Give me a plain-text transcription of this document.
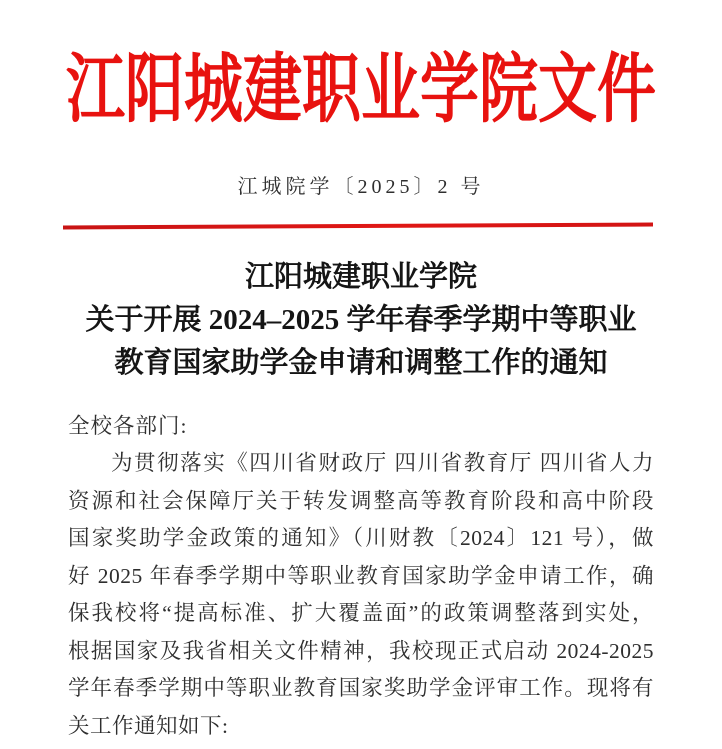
江阳城建职业学院文件
江城院学〔2025〕2 号
江阳城建职业学院
关于开展 2024–2025 学年春季学期中等职业
教育国家助学金申请和调整工作的通知
全校各部门:
为贯彻落实《四川省财政厅 四川省教育厅 四川省人力
资源和社会保障厅关于转发调整高等教育阶段和高中阶段
国家奖助学金政策的通知》（川财教〔2024〕121 号），做
好 2025 年春季学期中等职业教育国家助学金申请工作，确
保我校将“提高标准、扩大覆盖面”的政策调整落到实处，
根据国家及我省相关文件精神，我校现正式启动 2024-2025
学年春季学期中等职业教育国家奖助学金评审工作。现将有
关工作通知如下:
